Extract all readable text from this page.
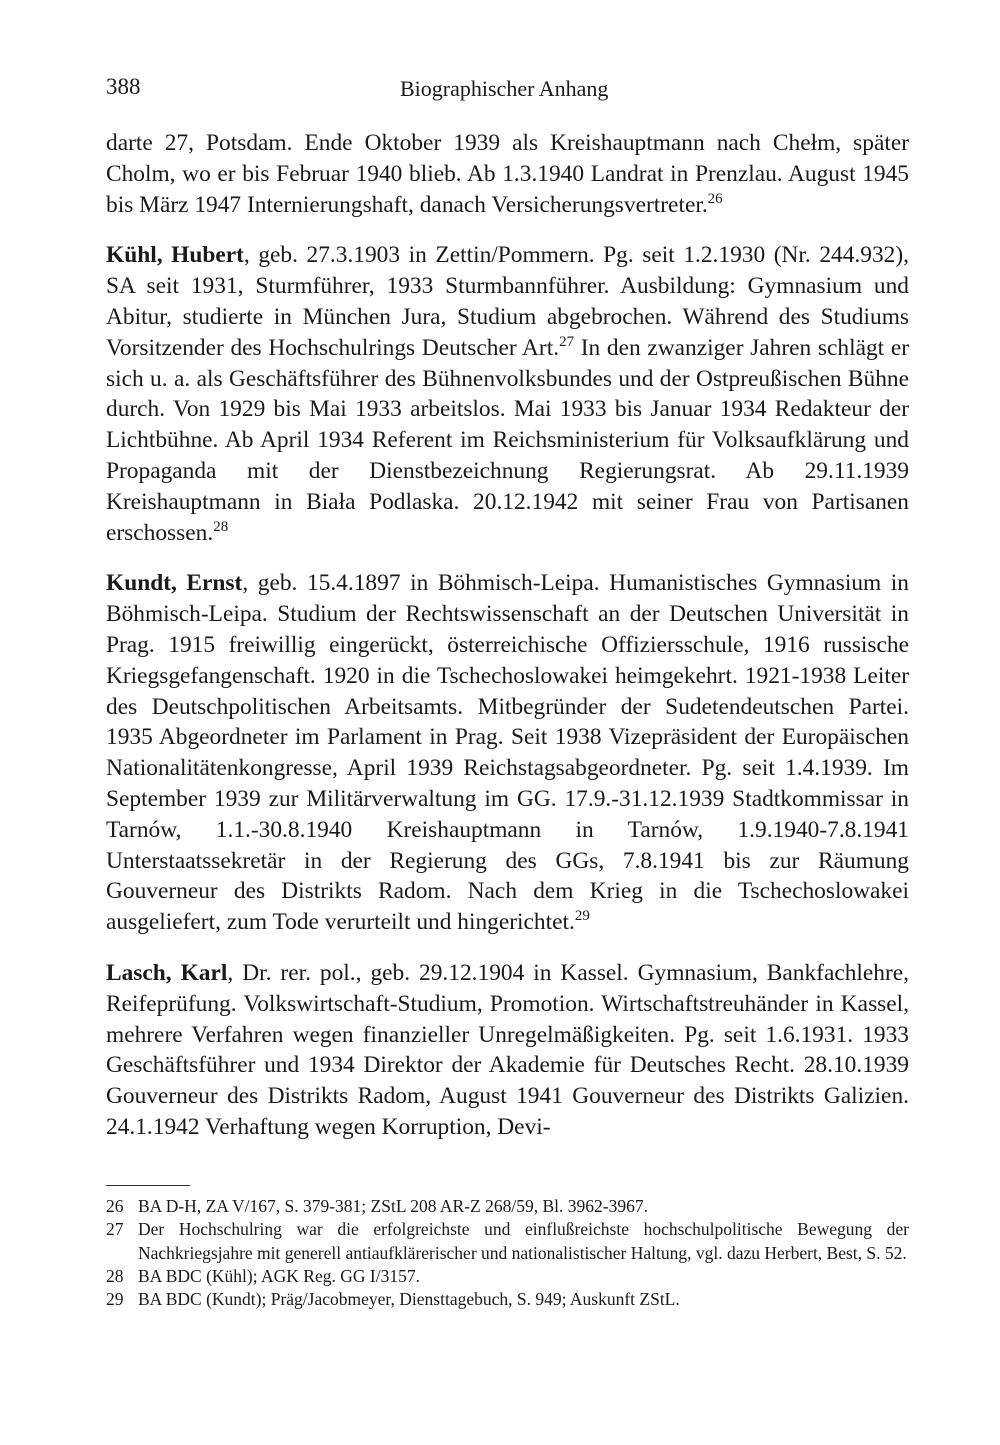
388	Biographischer Anhang

darte 27, Potsdam. Ende Oktober 1939 als Kreishauptmann nach Chełm, später Cholm, wo er bis Februar 1940 blieb. Ab 1.3.1940 Landrat in Prenzlau. August 1945 bis März 1947 Internierungshaft, danach Versicherungsvertreter.$^{26}$

Kühl, Hubert, geb. 27.3.1903 in Zettin/Pommern. Pg. seit 1.2.1930 (Nr. 244.932), SA seit 1931, Sturmführer, 1933 Sturmbannführer. Ausbildung: Gymnasium und Abitur, studierte in München Jura, Studium abgebrochen. Während des Studiums Vorsitzender des Hochschulrings Deutscher Art.$^{27}$ In den zwanziger Jahren schlägt er sich u. a. als Geschäftsführer des Bühnenvolksbundes und der Ostpreußischen Bühne durch. Von 1929 bis Mai 1933 arbeitslos. Mai 1933 bis Januar 1934 Redakteur der Lichtbühne. Ab April 1934 Referent im Reichsministerium für Volksaufklärung und Propaganda mit der Dienstbezeichnung Regierungsrat. Ab 29.11.1939 Kreishauptmann in Biała Podlaska. 20.12.1942 mit seiner Frau von Partisanen erschossen.$^{28}$

Kundt, Ernst, geb. 15.4.1897 in Böhmisch-Leipa. Humanistisches Gymnasium in Böhmisch-Leipa. Studium der Rechtswissenschaft an der Deutschen Universität in Prag. 1915 freiwillig eingerückt, österreichische Offiziersschule, 1916 russische Kriegsgefangenschaft. 1920 in die Tschechoslowakei heimgekehrt. 1921-1938 Leiter des Deutschpolitischen Arbeitsamts. Mitbegründer der Sudetendeutschen Partei. 1935 Abgeordneter im Parlament in Prag. Seit 1938 Vizepräsident der Europäischen Nationalitätenkongresse, April 1939 Reichstagsabgeordneter. Pg. seit 1.4.1939. Im September 1939 zur Militärverwaltung im GG. 17.9.-31.12.1939 Stadtkommissar in Tarnów, 1.1.-30.8.1940 Kreishauptmann in Tarnów, 1.9.1940-7.8.1941 Unterstaatssekretär in der Regierung des GGs, 7.8.1941 bis zur Räumung Gouverneur des Distrikts Radom. Nach dem Krieg in die Tschechoslowakei ausgeliefert, zum Tode verurteilt und hingerichtet.$^{29}$

Lasch, Karl, Dr. rer. pol., geb. 29.12.1904 in Kassel. Gymnasium, Bankfachlehre, Reifeprüfung. Volkswirtschaft-Studium, Promotion. Wirtschaftstreuhänder in Kassel, mehrere Verfahren wegen finanzieller Unregelmäßigkeiten. Pg. seit 1.6.1931. 1933 Geschäftsführer und 1934 Direktor der Akademie für Deutsches Recht. 28.10.1939 Gouverneur des Distrikts Radom, August 1941 Gouverneur des Distrikts Galizien. 24.1.1942 Verhaftung wegen Korruption, Devi-

26 BA D-H, ZA V/167, S. 379-381; ZStL 208 AR-Z 268/59, Bl. 3962-3967.
27 Der Hochschulring war die erfolgreichste und einflußreichste hochschulpolitische Bewegung der Nachkriegsjahre mit generell antiaufklärerischer und nationalistischer Haltung, vgl. dazu Herbert, Best, S. 52.
28 BA BDC (Kühl); AGK Reg. GG I/3157.
29 BA BDC (Kundt); Präg/Jacobmeyer, Diensttagebuch, S. 949; Auskunft ZStL.
